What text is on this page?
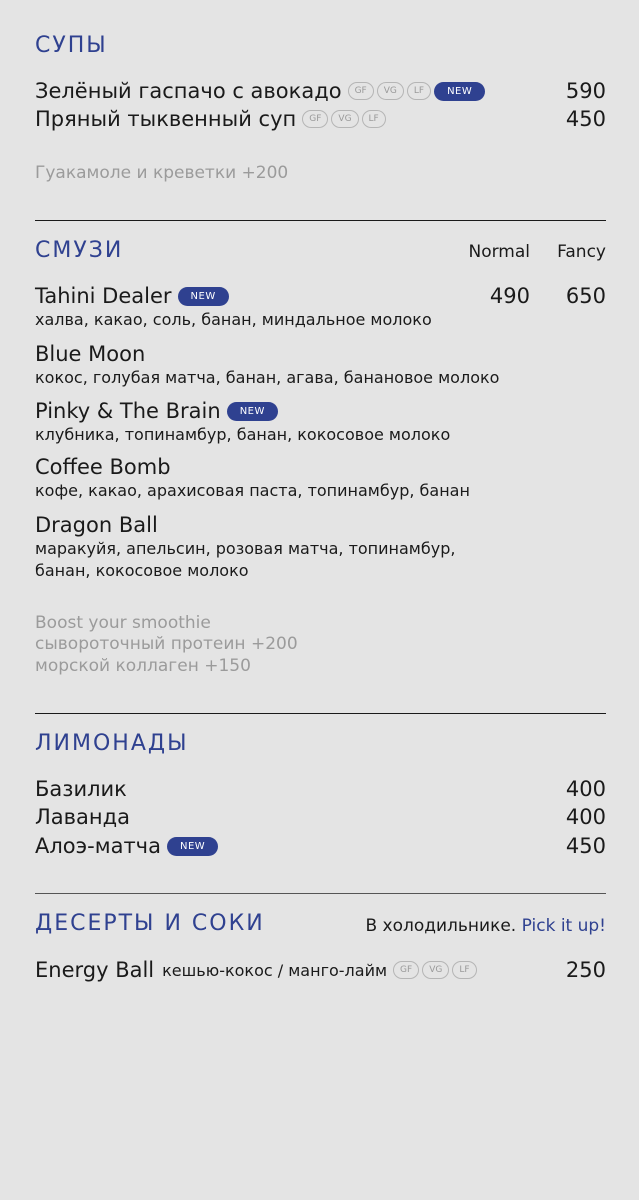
СУПЫ
Зелёный гаспачо с авокадо	GF	VG	LF	NEW	590
Пряный тыквенный суп	GF	VG	LF	450
Гуакамоле и креветки +200
СМУЗИ	Normal Fancy
Tahini Dealer	NEW	490 650
халва, какао, соль, банан, миндальное молоко
Blue Moon
кокос, голубая матча, банан, агава, банановое молоко
Pinky & The Brain	NEW
клубника, топинамбур, банан, кокосовое молоко
Coffee Bomb
кофе, какао, арахисовая паста, топинамбур, банан
Dragon Ball
маракуйя, апельсин, розовая матча, топинамбур,
банан, кокосовое молоко
Boost your smoothie
сывороточный протеин +200
морской коллаген +150
ЛИМОНАДЫ
Базилик	400
Лаванда	400
Алоэ-матча	NEW	450
ДЕСЕРТЫ И СОКИ	В холодильнике. Pick it up!
Energy Ball кешью-кокос / манго-лайм	GF	VG	LF	250
